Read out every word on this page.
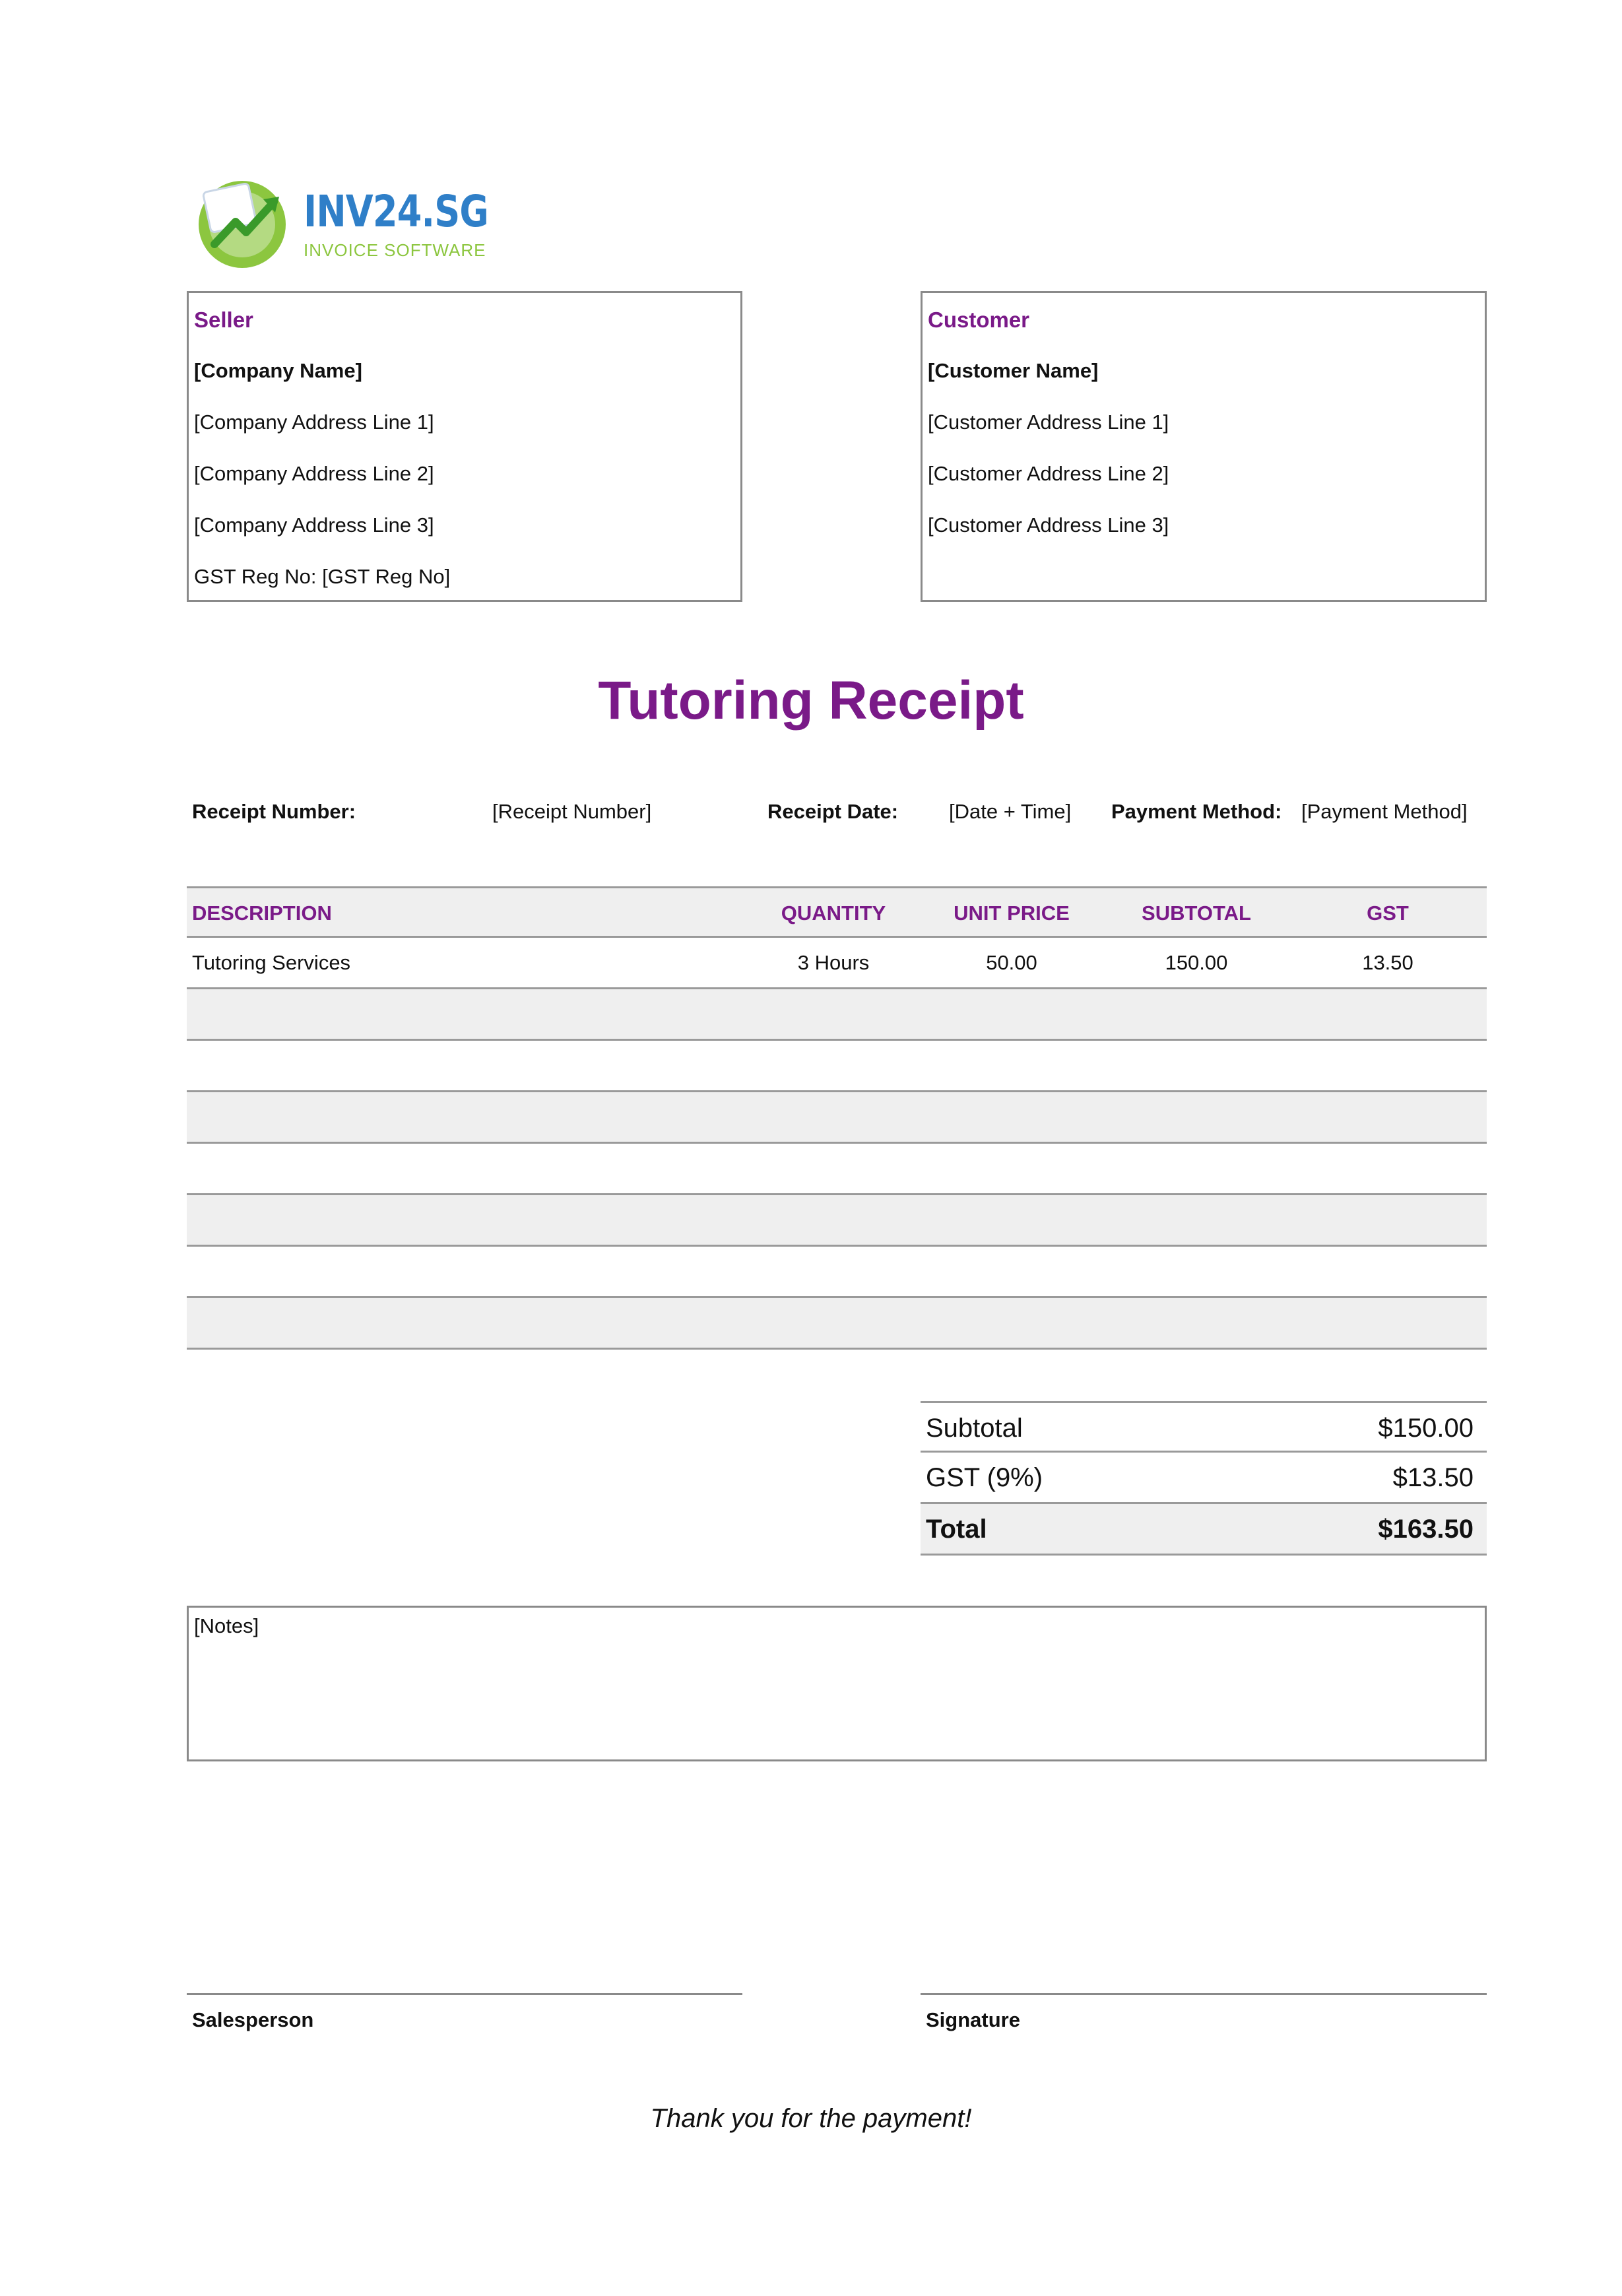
INV24.SG
INVOICE SOFTWARE
Seller
[Company Name]
[Company Address Line 1]
[Company Address Line 2]
[Company Address Line 3]
GST Reg No: [GST Reg No]
Customer
[Customer Name]
[Customer Address Line 1]
[Customer Address Line 2]
[Customer Address Line 3]
Tutoring Receipt
Receipt Number:	[Receipt Number]	Receipt Date: [Date + Time] Payment Method: [Payment Method]
DESCRIPTION	QUANTITY	UNIT PRICE	SUBTOTAL	GST
Tutoring Services	3 Hours	50.00	150.00	13.50
Subtotal	$150.00
GST (9%)	$13.50
Total	$163.50
[Notes]
Salesperson	Signature
Thank you for the payment!
